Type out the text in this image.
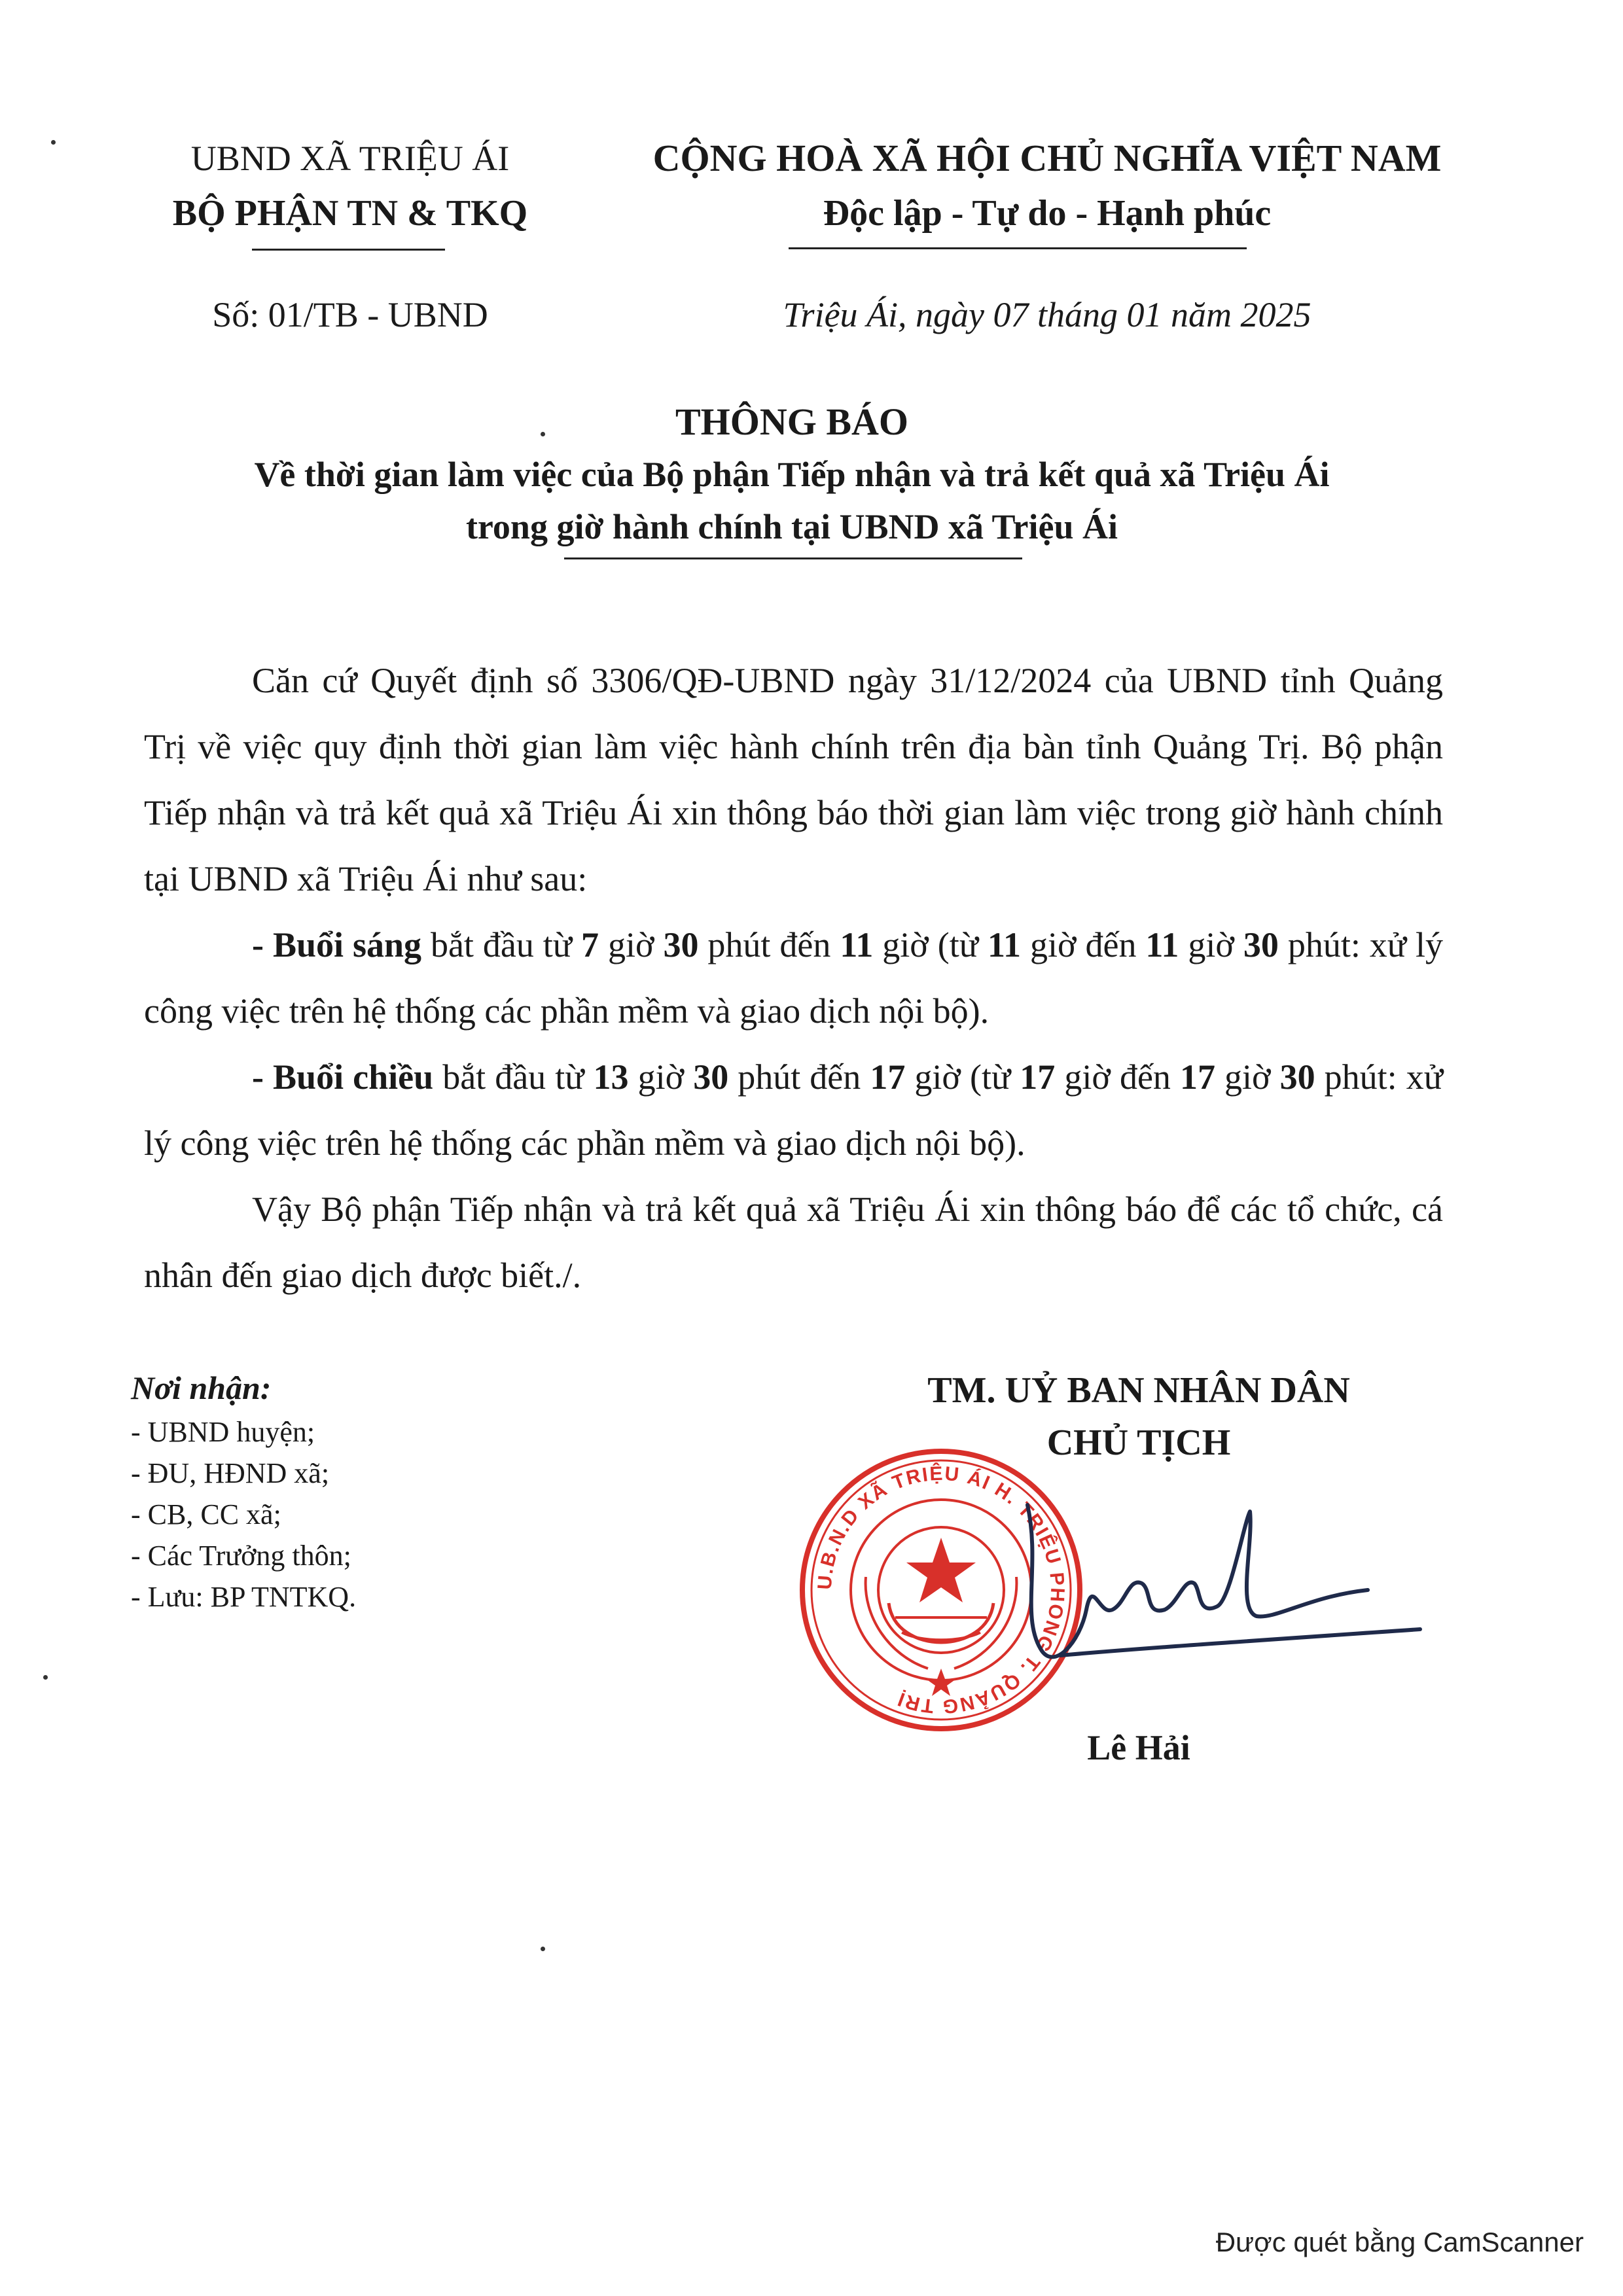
UBND XÃ TRIỆU ÁI
BỘ PHẬN TN & TKQ
Số: 01/TB - UBND
CỘNG HOÀ XÃ HỘI CHỦ NGHĨA VIỆT NAM
Độc lập - Tự do - Hạnh phúc
Triệu Ái, ngày 07 tháng 01 năm 2025
THÔNG BÁO
Về thời gian làm việc của Bộ phận Tiếp nhận và trả kết quả xã Triệu Ái
trong giờ hành chính tại UBND xã Triệu Ái

Căn cứ Quyết định số 3306/QĐ-UBND ngày 31/12/2024 của UBND tỉnh Quảng Trị về việc quy định thời gian làm việc hành chính trên địa bàn tỉnh Quảng Trị. Bộ phận Tiếp nhận và trả kết quả xã Triệu Ái xin thông báo thời gian làm việc trong giờ hành chính tại UBND xã Triệu Ái như sau:

- Buổi sáng bắt đầu từ 7 giờ 30 phút đến 11 giờ (từ 11 giờ đến 11 giờ 30 phút: xử lý công việc trên hệ thống các phần mềm và giao dịch nội bộ).

- Buổi chiều bắt đầu từ 13 giờ 30 phút đến 17 giờ (từ 17 giờ đến 17 giờ 30 phút: xử lý công việc trên hệ thống các phần mềm và giao dịch nội bộ).

Vậy Bộ phận Tiếp nhận và trả kết quả xã Triệu Ái xin thông báo để các tổ chức, cá nhân đến giao dịch được biết./.

Nơi nhận:
- UBND huyện;
- ĐU, HĐND xã;
- CB, CC xã;
- Các Trưởng thôn;
- Lưu: BP TNTKQ.
TM. UỶ BAN NHÂN DÂN
CHỦ TỊCH
U.B.N.D XÃ TRIỆU ÁI H. TRIỆU PHONG T. QUẢNG TRỊ
Lê Hải
Được quét bằng CamScanner
